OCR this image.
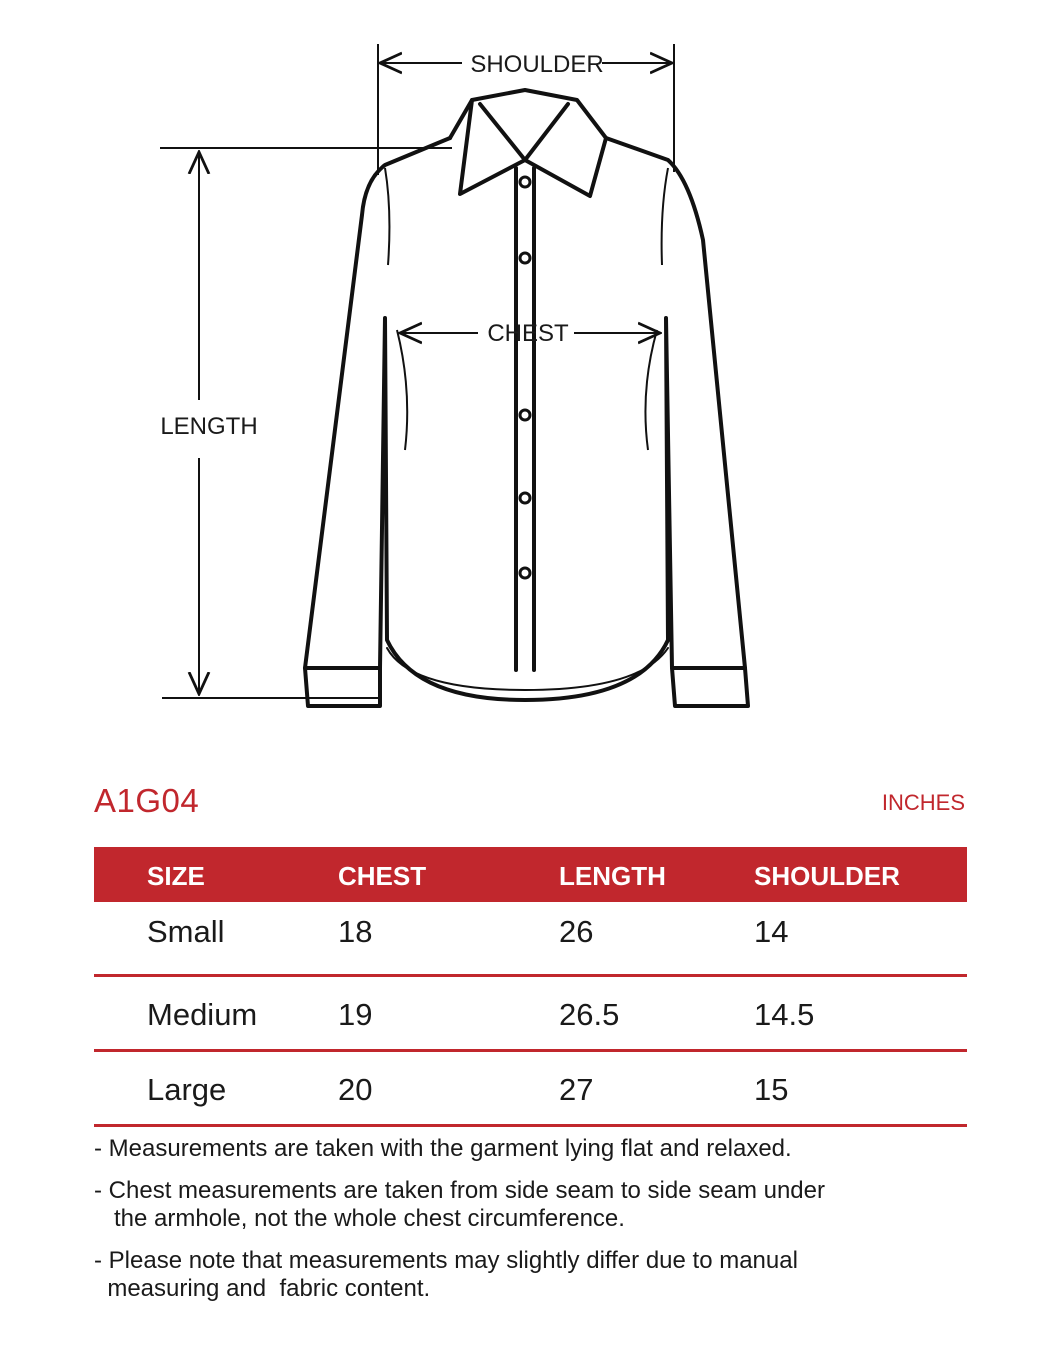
SHOULDER
CHEST
LENGTH
A1G04	INCHES
SIZE	CHEST	LENGTH	SHOULDER
Small	18	26	14
Medium	19	26.5	14.5
Large	20	27	15
- Measurements are taken with the garment lying flat and relaxed.
- Chest measurements are taken from side seam to side seam under
the armhole, not the whole chest circumference.
- Please note that measurements may slightly differ due to manual
measuring and  fabric content.
